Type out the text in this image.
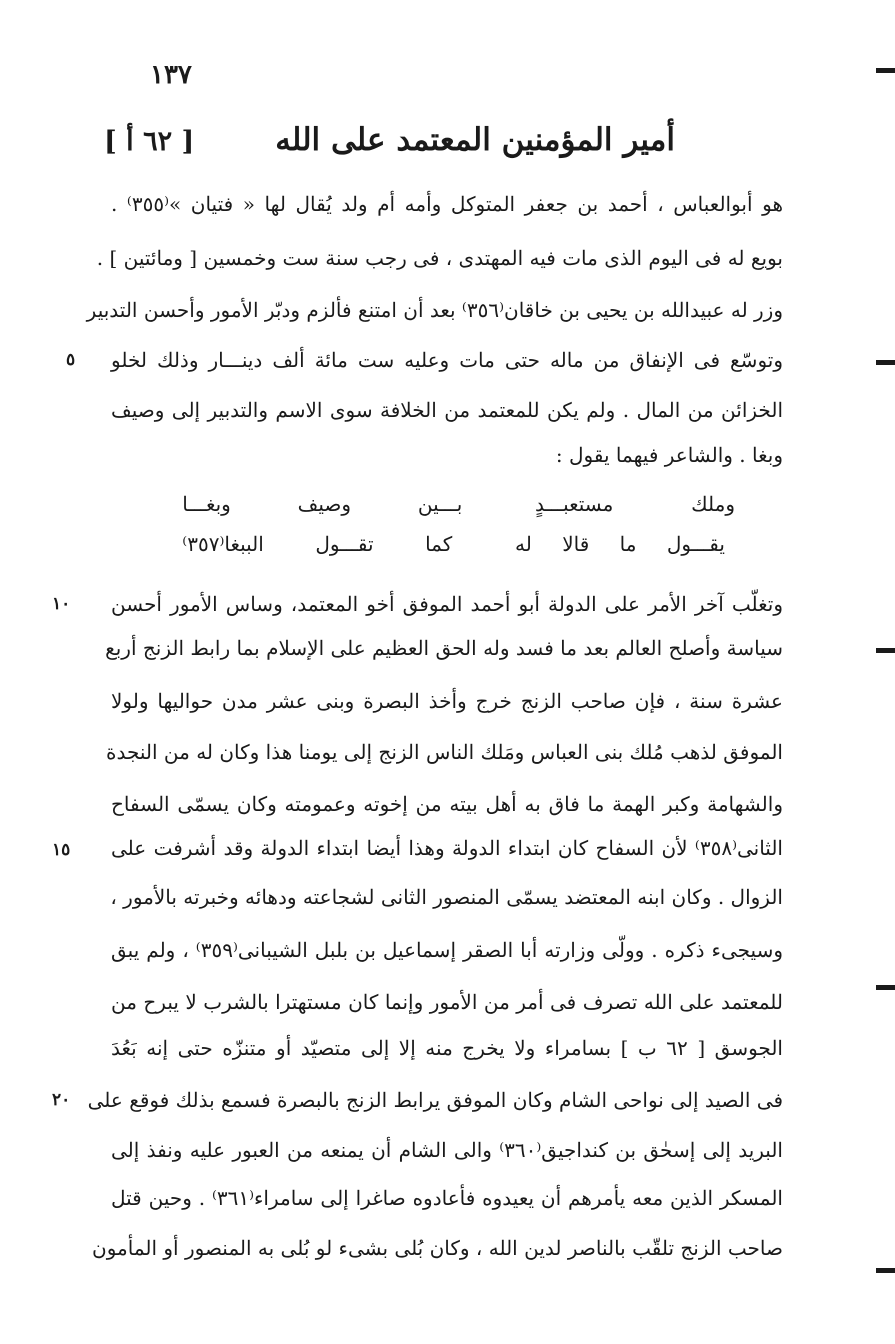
١٣٧
أمير المؤمنين المعتمد على الله
[ ٦٢ أ ]
هو أبوالعباس ، أحمد بن جعفر المتوكل وأمه أم ولد يُقال لها « فتيان »⁽٣٥٥⁾ .
بويع له فى اليوم الذى مات فيه المهتدى ، فى رجب سنة ست وخمسين [ ومائتين ] .
وزر له عبيدالله بن يحيى بن خاقان⁽٣٥٦⁾ بعد أن امتنع فألزم ودبّر الأمور وأحسن التدبير
وتوسّع فى الإنفاق من ماله حتى مات وعليه ست مائة ألف دينـــار وذلك لخلو
الخزائن من المال . ولم يكن للمعتمد من الخلافة سوى الاسم والتدبير إلى وصيف
وبغا . والشاعر فيهما يقول :
وملك مستعبـــدٍ  بـــين وصيف وبغـــا
يقـــول ما قالا له  كما تقـــول الببغا⁽٣٥٧⁾
وتغلّب آخر الأمر على الدولة أبو أحمد الموفق أخو المعتمد، وساس الأمور أحسن
سياسة وأصلح العالم بعد ما فسد وله الحق العظيم على الإسلام بما رابط الزنج أربع
عشرة سنة ، فإن صاحب الزنج خرج وأخذ البصرة وبنى عشر مدن حواليها ولولا
الموفق لذهب مُلك بنى العباس ومَلك الناس الزنج إلى يومنا هذا وكان له من النجدة
والشهامة وكبر الهمة ما فاق به أهل بيته من إخوته وعمومته وكان يسمّى السفاح
الثانى⁽٣٥٨⁾ لأن السفاح كان ابتداء الدولة وهذا أيضا ابتداء الدولة وقد أشرفت على
الزوال . وكان ابنه المعتضد يسمّى المنصور الثانى لشجاعته ودهائه وخبرته بالأمور ،
وسيجى‌ء ذكره . وولّى وزارته أبا الصقر إسماعيل بن بلبل الشيبانى⁽٣٥٩⁾ ، ولم يبق
للمعتمد على الله تصرف فى أمر من الأمور وإنما كان مستهترا بالشرب لا يبرح من
الجوسق [ ٦٢ ب ] بسامراء ولا يخرج منه إلا إلى متصيّد أو متنزّه حتى إنه بَعُدَ
فى الصيد إلى نواحى الشام وكان الموفق يرابط الزنج بالبصرة فسمع بذلك فوقع على
البريد إلى إسحٰق بن كنداجيق⁽٣٦٠⁾ والى الشام أن يمنعه من العبور عليه ونفذ إلى
المسكر الذين معه يأمرهم أن يعيدوه فأعادوه صاغرا إلى سامراء⁽٣٦١⁾ . وحين قتل
صاحب الزنج تلقّب بالناصر لدين الله ، وكان بُلى بشىء لو بُلى به المنصور أو المأمون
٥
١٠
١٥
٢٠
